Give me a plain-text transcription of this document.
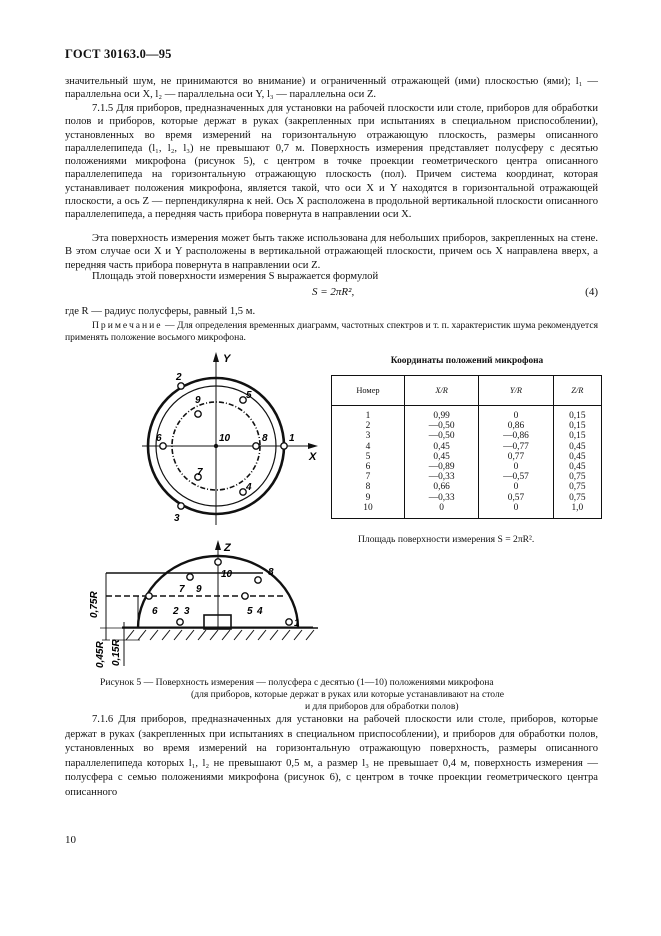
ГОСТ 30163.0—95

значительный шум, не принимаются во внимание) и ограниченный отражающей (ими) плоскостью (ями); l₁ — параллельна оси X, l₂ — параллельна оси Y, l₃ — параллельна оси Z.

7.1.5 Для приборов, предназначенных для установки на рабочей плоскости или столе, приборов для обработки полов и приборов, которые держат в руках (закрепленных при испытаниях в специальном приспособлении), установленных во время измерений на горизонтальную отражающую плоскость, размеры описанного параллелепипеда (l₁, l₂, l₃) не превышают 0,7 м. Поверхность измерения представляет полусферу с десятью положениями микрофона (рисунок 5), с центром в точке проекции геометрического центра описанного параллелепипеда на горизонтальную отражающую плоскость (пол). Причем система координат, которая устанавливает положения микрофона, является такой, что оси X и Y находятся в горизонтальной отражающей плоскости, а ось Z — перпендикулярна к ней. Ось X расположена в продольной вертикальной плоскости описанного параллелепипеда, а передняя часть прибора повернута в направлении оси X.

Эта поверхность измерения может быть также использована для небольших приборов, закрепленных на стене. В этом случае оси X и Y расположены в вертикальной отражающей плоскости, причем ось X направлена вверх, а передняя часть прибора повернута в направлении оси Z.

Площадь этой поверхности измерения S выражается формулой

S = 2πR²,	(4)

где R — радиус полусферы, равный 1,5 м.

Примечание — Для определения временных диаграмм, частотных спектров и т. п. характеристик шума рекомендуется применять положение восьмого микрофона.
Y
X
1
2
3
4
5
6
7
8
9
10
Z
1
2 3	4
5
6
7
8
9
10
0,75R
0,45R 0,15R
Координаты положений микрофона
Номер	X/R	Y/R	Z/R
1	0,99	0	0,15
2	—0,50	0,86	0,15
3	—0,50	—0,86	0,15
4	0,45	—0,77	0,45
5	0,45	0,77	0,45
6	—0,89	0	0,45
7	—0,33	—0,57	0,75
8	0,66	0	0,75
9	—0,33	0,57	0,75
10	0	0	1,0
Площадь поверхности измерения S = 2πR².
Рисунок 5 — Поверхность измерения — полусфера с десятью (1—10) положениями микрофона
(для приборов, которые держат в руках или которые устанавливают на столе
и для приборов для обработки полов)

7.1.6 Для приборов, предназначенных для установки на рабочей плоскости или столе, приборов, которые держат в руках (закрепленных при испытаниях в специальном приспособлении), и приборов для обработки полов, установленных во время измерений на горизонтальную отражающую поверхность, размеры описанного параллелепипеда которых l₁, l₂ не превышают 0,5 м, а размер l₃ не превышает 0,4 м, поверхность измерения — полусфера с семью положениями микрофона (рисунок 6), с центром в точке проекции геометрического центра описанного

10
